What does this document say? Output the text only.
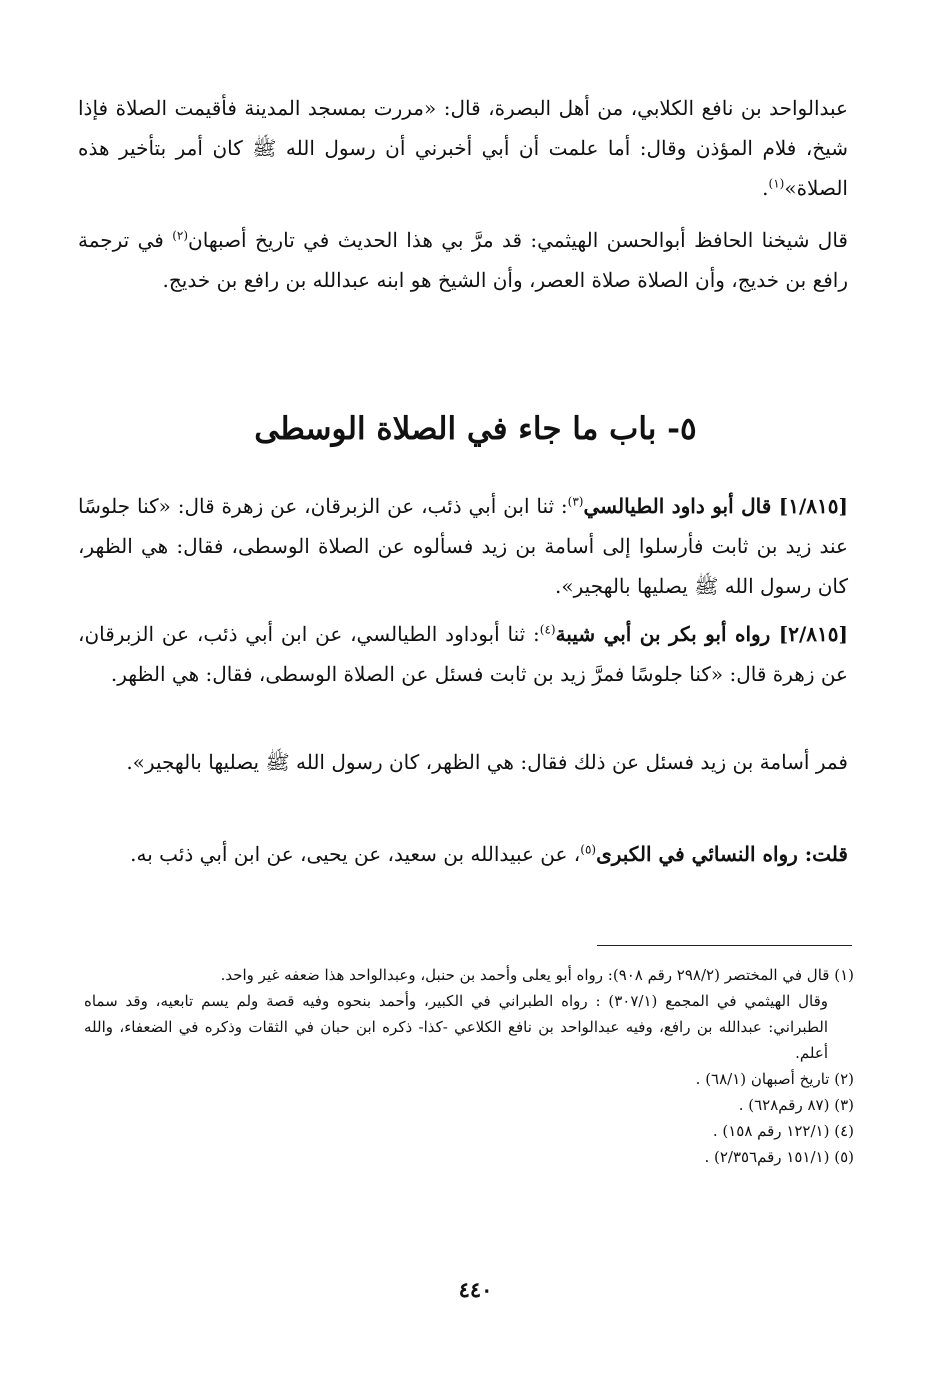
عبدالواحد بن نافع الكلابي، من أهل البصرة، قال: «مررت بمسجد المدينة فأقيمت الصلاة فإذا شيخ، فلام المؤذن وقال: أما علمت أن أبي أخبرني أن رسول الله ﷺ كان أمر بتأخير هذه الصلاة»$^{(١)}$.

قال شيخنا الحافظ أبوالحسن الهيثمي: قد مرَّ بي هذا الحديث في تاريخ أصبهان$^{(٢)}$ في ترجمة رافع بن خديج، وأن الصلاة صلاة العصر، وأن الشيخ هو ابنه عبدالله بن رافع بن خديج.

٥- باب ما جاء في الصلاة الوسطى

[١/٨١٥] قال أبو داود الطيالسي$^{(٣)}$: ثنا ابن أبي ذئب، عن الزبرقان، عن زهرة قال: «كنا جلوسًا عند زيد بن ثابت فأرسلوا إلى أسامة بن زيد فسألوه عن الصلاة الوسطى، فقال: هي الظهر، كان رسول الله ﷺ يصليها بالهجير».

[٢/٨١٥] رواه أبو بكر بن أبي شيبة$^{(٤)}$: ثنا أبوداود الطيالسي، عن ابن أبي ذئب، عن الزبرقان، عن زهرة قال: «كنا جلوسًا فمرَّ زيد بن ثابت فسئل عن الصلاة الوسطى، فقال: هي الظهر.

فمر أسامة بن زيد فسئل عن ذلك فقال: هي الظهر، كان رسول الله ﷺ يصليها بالهجير».

قلت: رواه النسائي في الكبرى$^{(٥)}$، عن عبيدالله بن سعيد، عن يحيى، عن ابن أبي ذئب به.

(١) قال في المختصر (٢٩٨/٢ رقم ٩٠٨): رواه أبو يعلى وأحمد بن حنبل، وعبدالواحد هذا ضعفه غير واحد.

وقال الهيثمي في المجمع (٣٠٧/١) : رواه الطبراني في الكبير، وأحمد بنحوه وفيه قصة ولم يسم تابعيه، وقد سماه الطبراني: عبدالله بن رافع، وفيه عبدالواحد بن نافع الكلاعي -كذا- ذكره ابن حبان في الثقات وذكره في الضعفاء، والله أعلم.

(٢) تاريخ أصبهان (٦٨/١) .

(٣) (٨٧ رقم٦٢٨) .

(٤) (١٢٢/١ رقم ١٥٨) .

(٥) (١٥١/١ رقم٢/٣٥٦) .

٤٤٠
